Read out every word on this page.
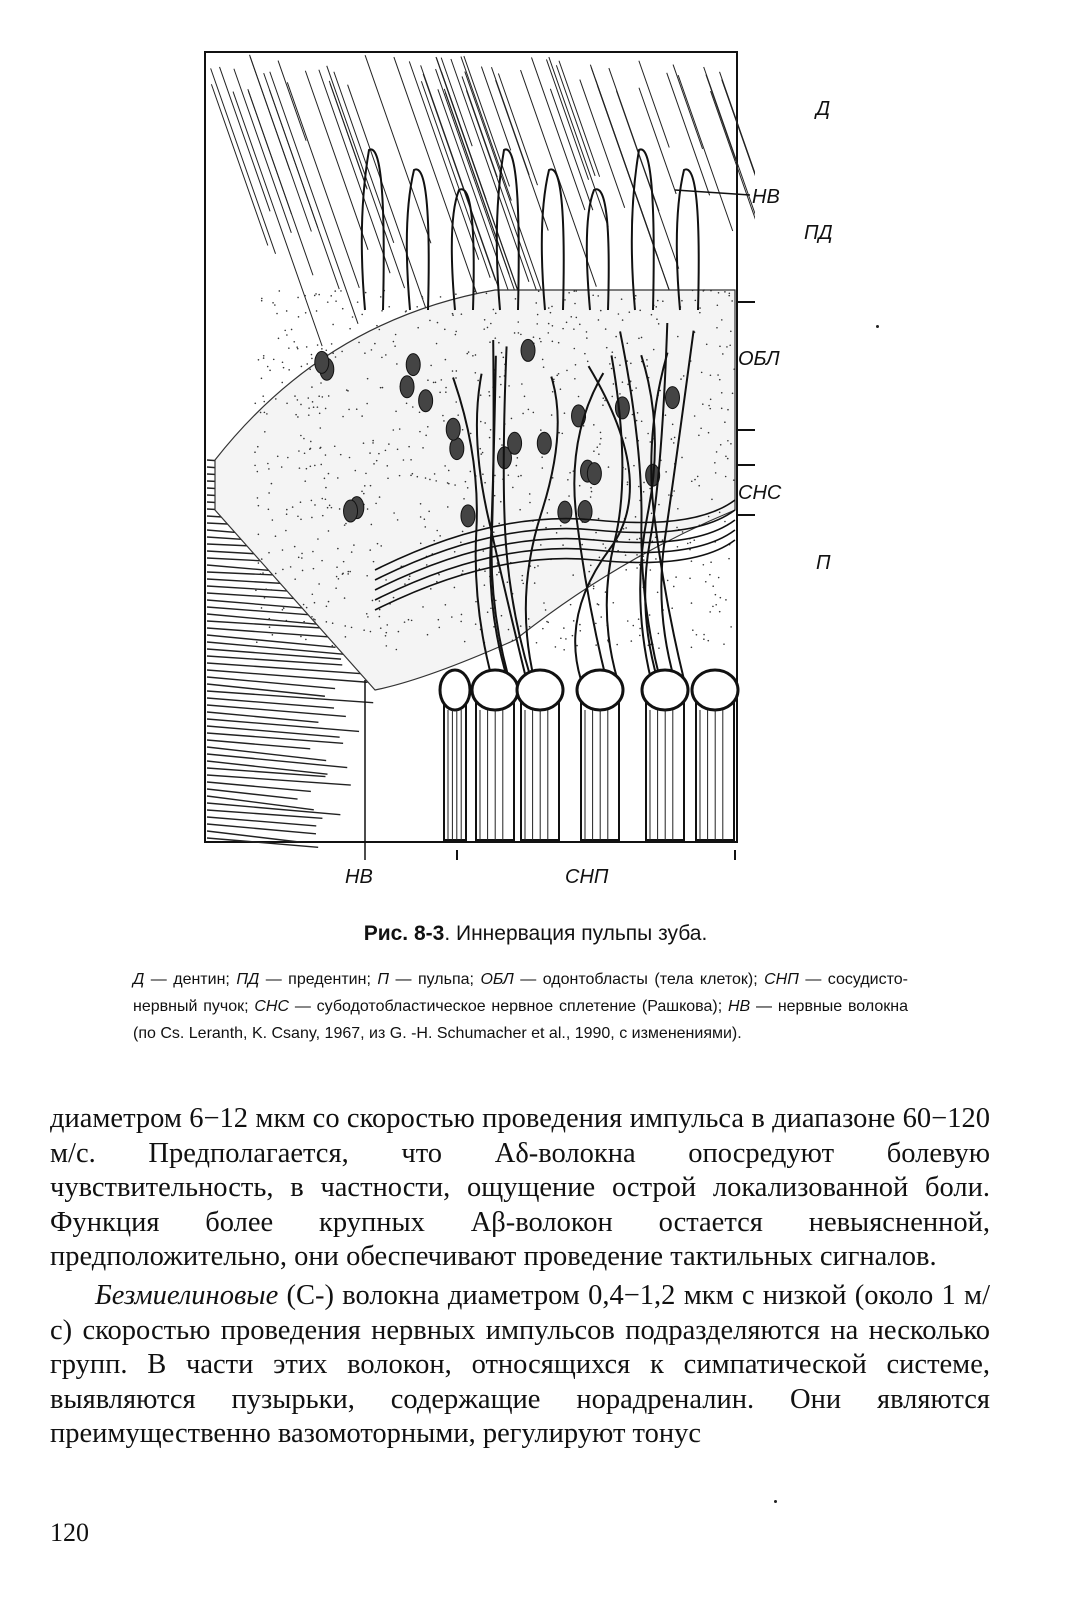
Д
НВ
ПД
ОБЛ
СНС
П
НВ	СНП
Рис. 8-3. Иннервация пульпы зуба.
Д — дентин; ПД — предентин; П — пульпа; ОБЛ — одонтобласты (тела клеток); СНП — сосудисто-нервный пучок; СНС — субодотобластическое нервное сплетение (Рашкова); НВ — нервные волокна (по Cs. Leranth, K. Csany, 1967, из G. -H. Schumacher et al., 1990, с изменениями).

диаметром 6−12 мкм со скоростью проведения импульса в диапазоне 60−120 м/с. Предполагается, что Aδ-волокна опосредуют болевую чувствительность, в частности, ощущение острой локализованной боли. Функция более крупных Aβ-волокон остается невыясненной, предположительно, они обеспечивают проведение тактильных сигналов.

Безмиелиновые (С-) волокна диаметром 0,4−1,2 мкм с низкой (около 1 м/с) скоростью проведения нервных импульсов подразделяются на несколько групп. В части этих волокон, относящихся к симпатической системе, выявляются пузырьки, содержащие норадреналин. Они являются преимущественно вазомоторными, регулируют тонус

120
